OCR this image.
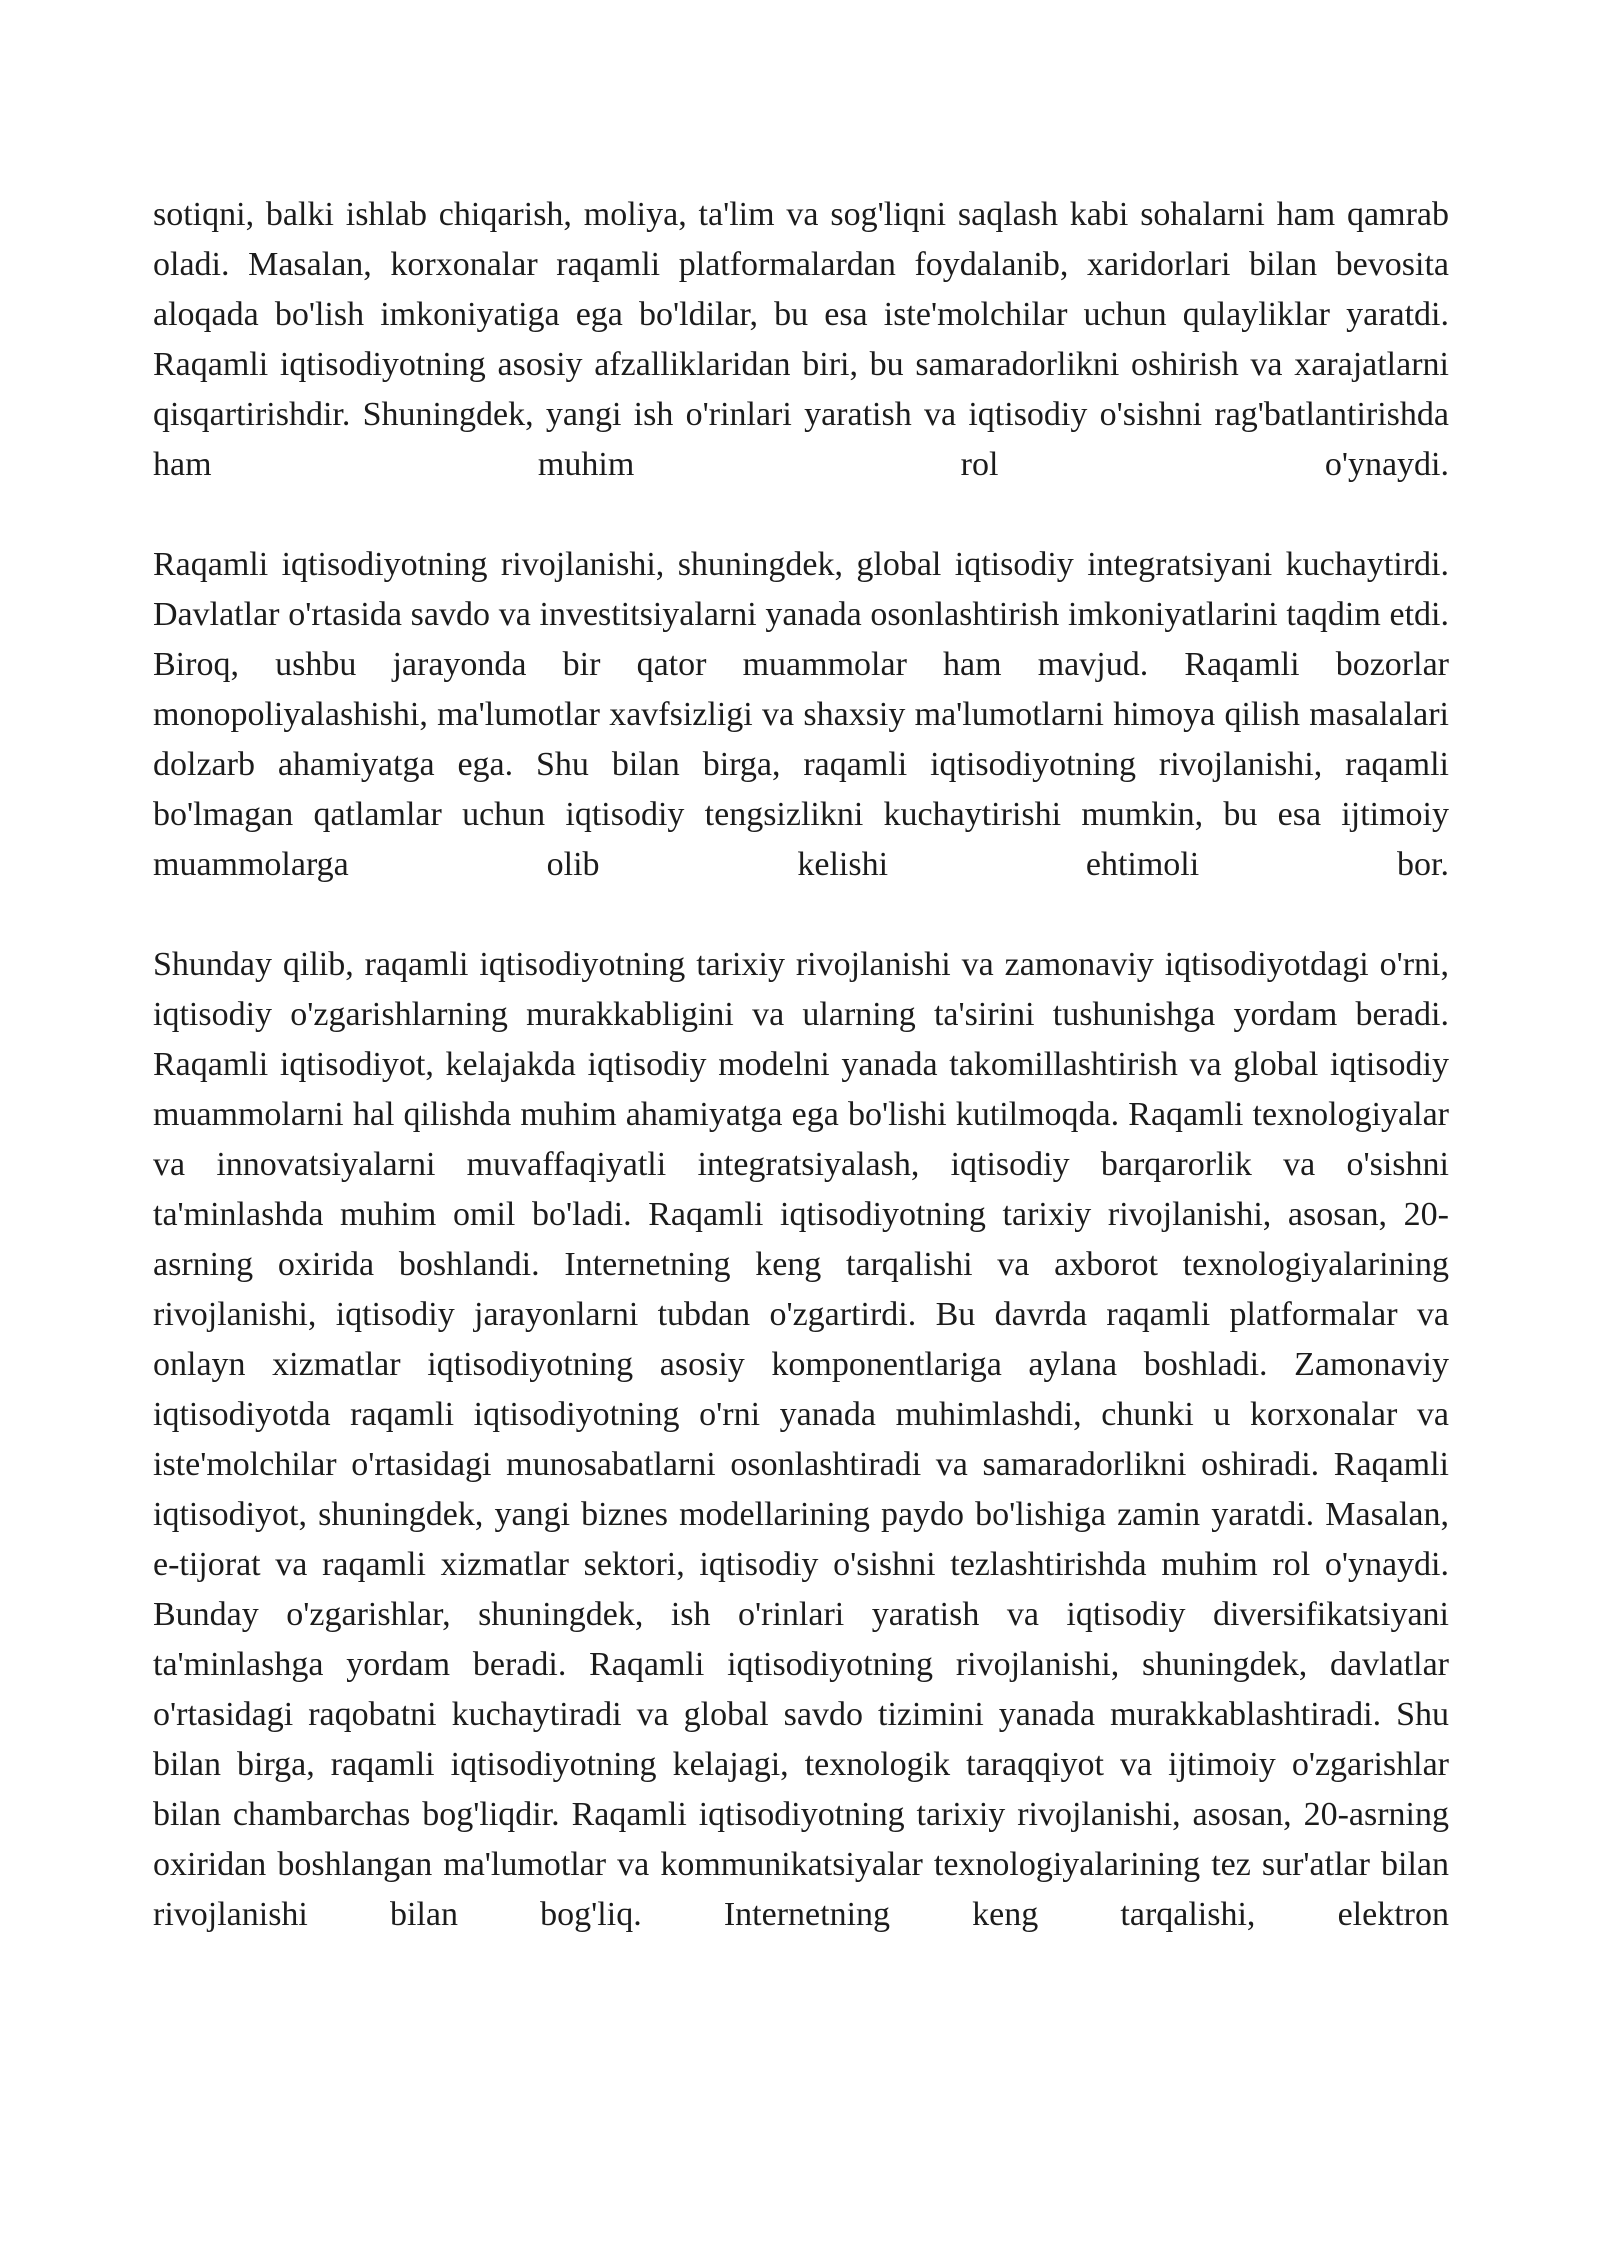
sotiqni, balki ishlab chiqarish, moliya, ta'lim va sog'liqni saqlash kabi sohalarni ham qamrab oladi. Masalan, korxonalar raqamli platformalardan foydalanib, xaridorlari bilan bevosita aloqada bo'lish imkoniyatiga ega bo'ldilar, bu esa iste'molchilar uchun qulayliklar yaratdi. Raqamli iqtisodiyotning asosiy afzalliklaridan biri, bu samaradorlikni oshirish va xarajatlarni qisqartirishdir. Shuningdek, yangi ish o'rinlari yaratish va iqtisodiy o'sishni rag'batlantirishda ham muhim rol o'ynaydi.

Raqamli iqtisodiyotning rivojlanishi, shuningdek, global iqtisodiy integratsiyani kuchaytirdi. Davlatlar o'rtasida savdo va investitsiyalarni yanada osonlashtirish imkoniyatlarini taqdim etdi. Biroq, ushbu jarayonda bir qator muammolar ham mavjud. Raqamli bozorlar monopoliyalashishi, ma'lumotlar xavfsizligi va shaxsiy ma'lumotlarni himoya qilish masalalari dolzarb ahamiyatga ega. Shu bilan birga, raqamli iqtisodiyotning rivojlanishi, raqamli bo'lmagan qatlamlar uchun iqtisodiy tengsizlikni kuchaytirishi mumkin, bu esa ijtimoiy muammolarga olib kelishi ehtimoli bor.

Shunday qilib, raqamli iqtisodiyotning tarixiy rivojlanishi va zamonaviy iqtisodiyotdagi o'rni, iqtisodiy o'zgarishlarning murakkabligini va ularning ta'sirini tushunishga yordam beradi. Raqamli iqtisodiyot, kelajakda iqtisodiy modelni yanada takomillashtirish va global iqtisodiy muammolarni hal qilishda muhim ahamiyatga ega bo'lishi kutilmoqda. Raqamli texnologiyalar va innovatsiyalarni muvaffaqiyatli integratsiyalash, iqtisodiy barqarorlik va o'sishni ta'minlashda muhim omil bo'ladi. Raqamli iqtisodiyotning tarixiy rivojlanishi, asosan, 20-asrning oxirida boshlandi. Internetning keng tarqalishi va axborot texnologiyalarining rivojlanishi, iqtisodiy jarayonlarni tubdan o'zgartirdi. Bu davrda raqamli platformalar va onlayn xizmatlar iqtisodiyotning asosiy komponentlariga aylana boshladi. Zamonaviy iqtisodiyotda raqamli iqtisodiyotning o'rni yanada muhimlashdi, chunki u korxonalar va iste'molchilar o'rtasidagi munosabatlarni osonlashtiradi va samaradorlikni oshiradi. Raqamli iqtisodiyot, shuningdek, yangi biznes modellarining paydo bo'lishiga zamin yaratdi. Masalan, e-tijorat va raqamli xizmatlar sektori, iqtisodiy o'sishni tezlashtirishda muhim rol o'ynaydi. Bunday o'zgarishlar, shuningdek, ish o'rinlari yaratish va iqtisodiy diversifikatsiyani ta'minlashga yordam beradi. Raqamli iqtisodiyotning rivojlanishi, shuningdek, davlatlar o'rtasidagi raqobatni kuchaytiradi va global savdo tizimini yanada murakkablashtiradi. Shu bilan birga, raqamli iqtisodiyotning kelajagi, texnologik taraqqiyot va ijtimoiy o'zgarishlar bilan chambarchas bog'liqdir. Raqamli iqtisodiyotning tarixiy rivojlanishi, asosan, 20-asrning oxiridan boshlangan ma'lumotlar va kommunikatsiyalar texnologiyalarining tez sur'atlar bilan rivojlanishi bilan bog'liq. Internetning keng tarqalishi, elektron
